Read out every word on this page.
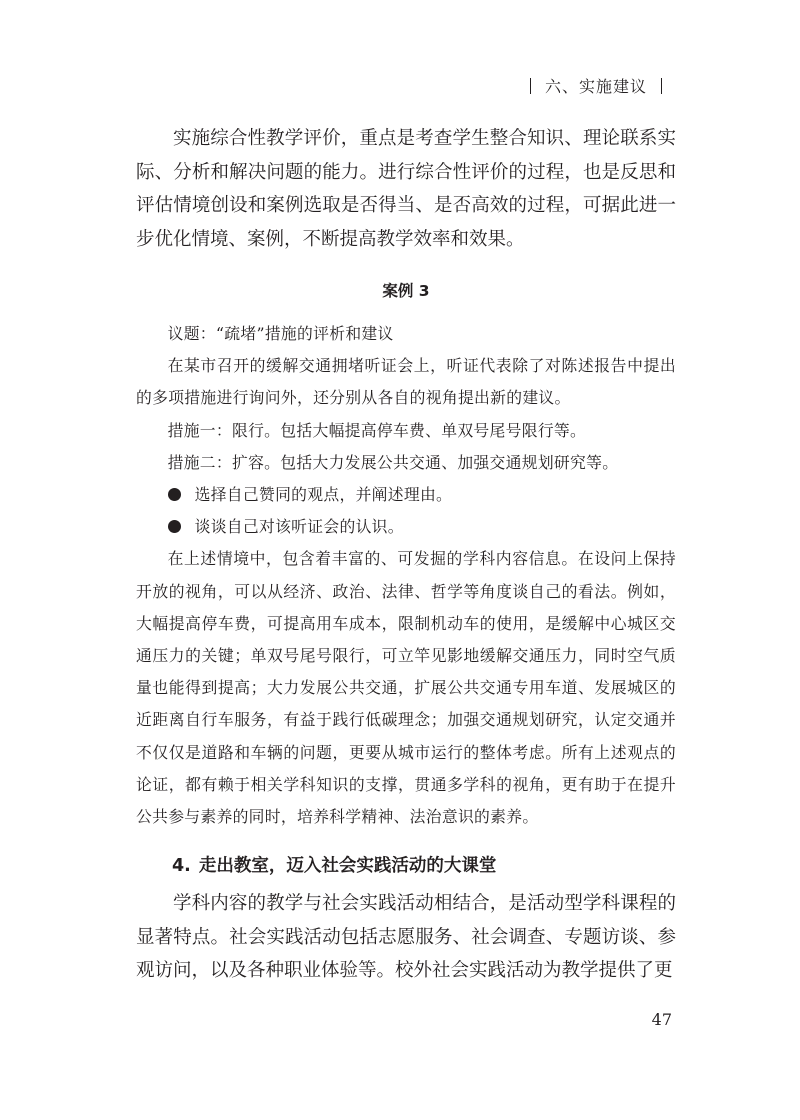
六、实施建议

实施综合性教学评价，重点是考查学生整合知识、理论联系实际、分析和解决问题的能力。进行综合性评价的过程，也是反思和评估情境创设和案例选取是否得当、是否高效的过程，可据此进一步优化情境、案例，不断提高教学效率和效果。

案例 3

议题：“疏堵”措施的评析和建议

在某市召开的缓解交通拥堵听证会上，听证代表除了对陈述报告中提出的多项措施进行询问外，还分别从各自的视角提出新的建议。

措施一：限行。包括大幅提高停车费、单双号尾号限行等。

措施二：扩容。包括大力发展公共交通、加强交通规划研究等。

选择自己赞同的观点，并阐述理由。

谈谈自己对该听证会的认识。

在上述情境中，包含着丰富的、可发掘的学科内容信息。在设问上保持开放的视角，可以从经济、政治、法律、哲学等角度谈自己的看法。例如，大幅提高停车费，可提高用车成本，限制机动车的使用，是缓解中心城区交通压力的关键；单双号尾号限行，可立竿见影地缓解交通压力，同时空气质量也能得到提高；大力发展公共交通，扩展公共交通专用车道、发展城区的近距离自行车服务，有益于践行低碳理念；加强交通规划研究，认定交通并不仅仅是道路和车辆的问题，更要从城市运行的整体考虑。所有上述观点的论证，都有赖于相关学科知识的支撑，贯通多学科的视角，更有助于在提升公共参与素养的同时，培养科学精神、法治意识的素养。

4. 走出教室，迈入社会实践活动的大课堂

学科内容的教学与社会实践活动相结合，是活动型学科课程的显著特点。社会实践活动包括志愿服务、社会调查、专题访谈、参观访问，以及各种职业体验等。校外社会实践活动为教学提供了更

47
